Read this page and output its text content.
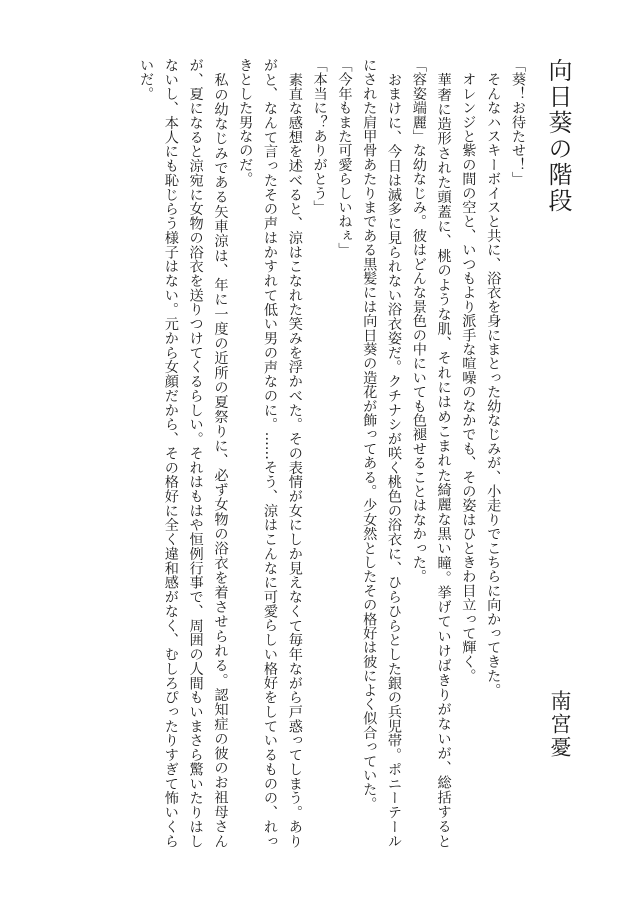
向日葵の階段

「葵！お待たせ！」

　そんなハスキーボイスと共に、浴衣を身にまとった幼なじみが、小走りでこちらに向かってきた。

　オレンジと紫の間の空と、いつもより派手な喧噪のなかでも、その姿はひときわ目立って輝く。

　華奢に造形された頭蓋に、桃のような肌、それにはめこまれた綺麗な黒い瞳。挙げていけばきりがないが、総括すると「容姿端麗」な幼なじみ。彼はどんな景色の中にいても色褪せることはなかった。

　おまけに、今日は滅多に見られない浴衣姿だ。クチナシが咲く桃色の浴衣に、ひらひらとした銀の兵児帯。ポニーテールにされた肩甲骨あたりまである黒髪には向日葵の造花が飾ってある。少女然としたその格好は彼によく似合っていた。

「今年もまた可愛らしいねぇ」

「本当に？ありがとう」

　素直な感想を述べると、涼はこなれた笑みを浮かべた。その表情が女にしか見えなくて毎年ながら戸惑ってしまう。ありがと、なんて言ったその声はかすれて低い男の声なのに。……そう、涼はこんなに可愛らしい格好をしているものの、れっきとした男なのだ。

　私の幼なじみである矢車涼は、年に一度の近所の夏祭りに、必ず女物の浴衣を着させられる。認知症の彼のお祖母さんが、夏になると涼宛に女物の浴衣を送りつけてくるらしい。それはもはや恒例行事で、周囲の人間もいまさら驚いたりはしないし、本人にも恥じらう様子はない。元から女顔だから、その格好に全く違和感がなく、むしろぴったりすぎて怖いくらいだ。

南宮憂
